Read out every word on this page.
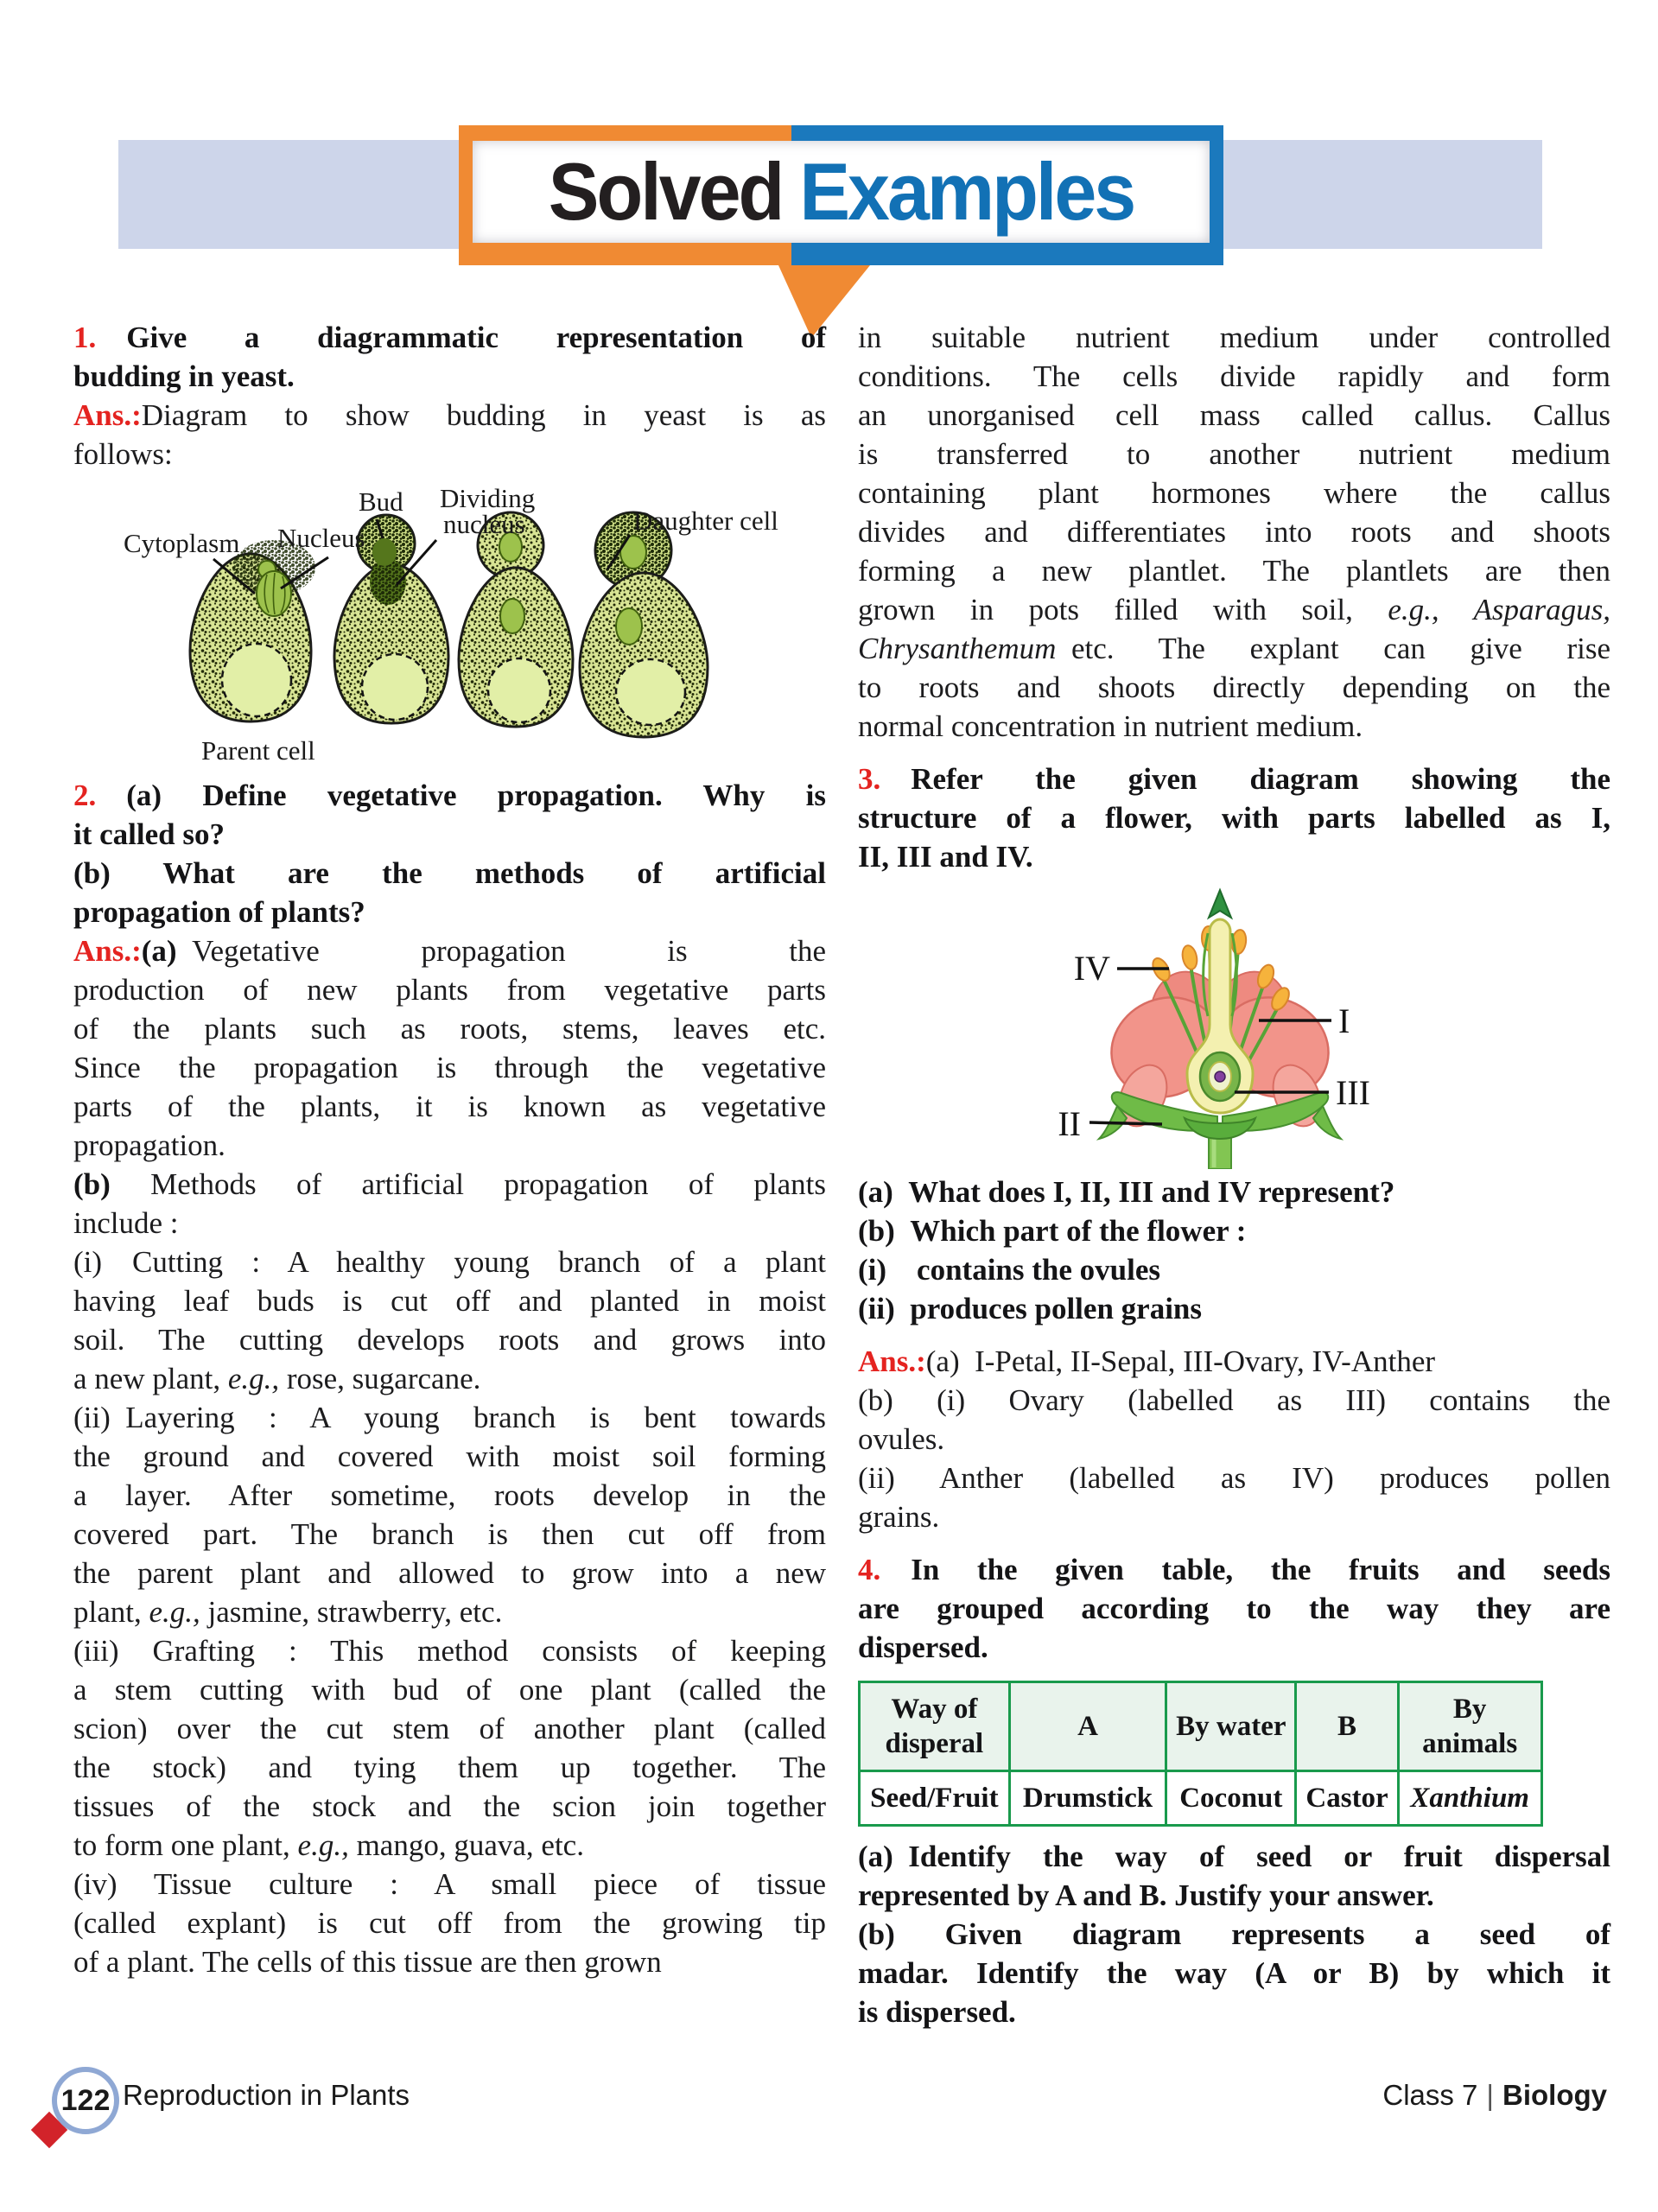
Solved Examples

1. Give a diagrammatic representation of

budding in yeast.

Ans.:Diagram to show budding in yeast is as

follows:

Cytoplasm Nucleus
Bud Dividing
nucleus	Daughter cell
Parent cell

2. (a) Define vegetative propagation. Why is

it called so?

(b) What are the methods of artificial

propagation of plants?

Ans.:(a) Vegetative propagation is the

production of new plants from vegetative parts

of the plants such as roots, stems, leaves etc.

Since the propagation is through the vegetative

parts of the plants, it is known as vegetative

propagation.

(b) Methods of artificial propagation of plants

include :

(i) Cutting : A healthy young branch of a plant

having leaf buds is cut off and planted in moist

soil. The cutting develops roots and grows into

a new plant, e.g., rose, sugarcane.

(ii) Layering : A young branch is bent towards

the ground and covered with moist soil forming

a layer. After sometime, roots develop in the

covered part. The branch is then cut off from

the parent plant and allowed to grow into a new

plant, e.g., jasmine, strawberry, etc.

(iii) Grafting : This method consists of keeping

a stem cutting with bud of one plant (called the

scion) over the cut stem of another plant (called

the stock) and tying them up together. The

tissues of the stock and the scion join together

to form one plant, e.g., mango, guava, etc.

(iv) Tissue culture : A small piece of tissue

(called explant) is cut off from the growing tip

of a plant. The cells of this tissue are then grown

in suitable nutrient medium under controlled

conditions. The cells divide rapidly and form

an unorganised cell mass called callus. Callus

is transferred to another nutrient medium

containing plant hormones where the callus

divides and differentiates into roots and shoots

forming a new plantlet. The plantlets are then

grown in pots filled with soil, e.g., Asparagus,

Chrysanthemum etc. The explant can give rise

to roots and shoots directly depending on the

normal concentration in nutrient medium.

3. Refer the given diagram showing the

structure of a flower, with parts labelled as I,

II, III and IV.

IV
I
III
II

(a) What does I, II, III and IV represent?

(b) Which part of the flower :

(i) contains the ovules

(ii) produces pollen grains

Ans.:(a) I-Petal, II-Sepal, III-Ovary, IV-Anther

(b) (i) Ovary (labelled as III) contains the

ovules.

(ii) Anther (labelled as IV) produces pollen

grains.

4. In the given table, the fruits and seeds

are grouped according to the way they are

dispersed.

Way of disperal	A	By water	B	By animals
Seed/Fruit	Drumstick	Coconut	Castor	Xanthium

(a) Identify the way of seed or fruit dispersal

represented by A and B. Justify your answer.

(b) Given diagram represents a seed of

madar. Identify the way (A or B) by which it

is dispersed.

122 Reproduction in Plants	Class 7 | Biology
